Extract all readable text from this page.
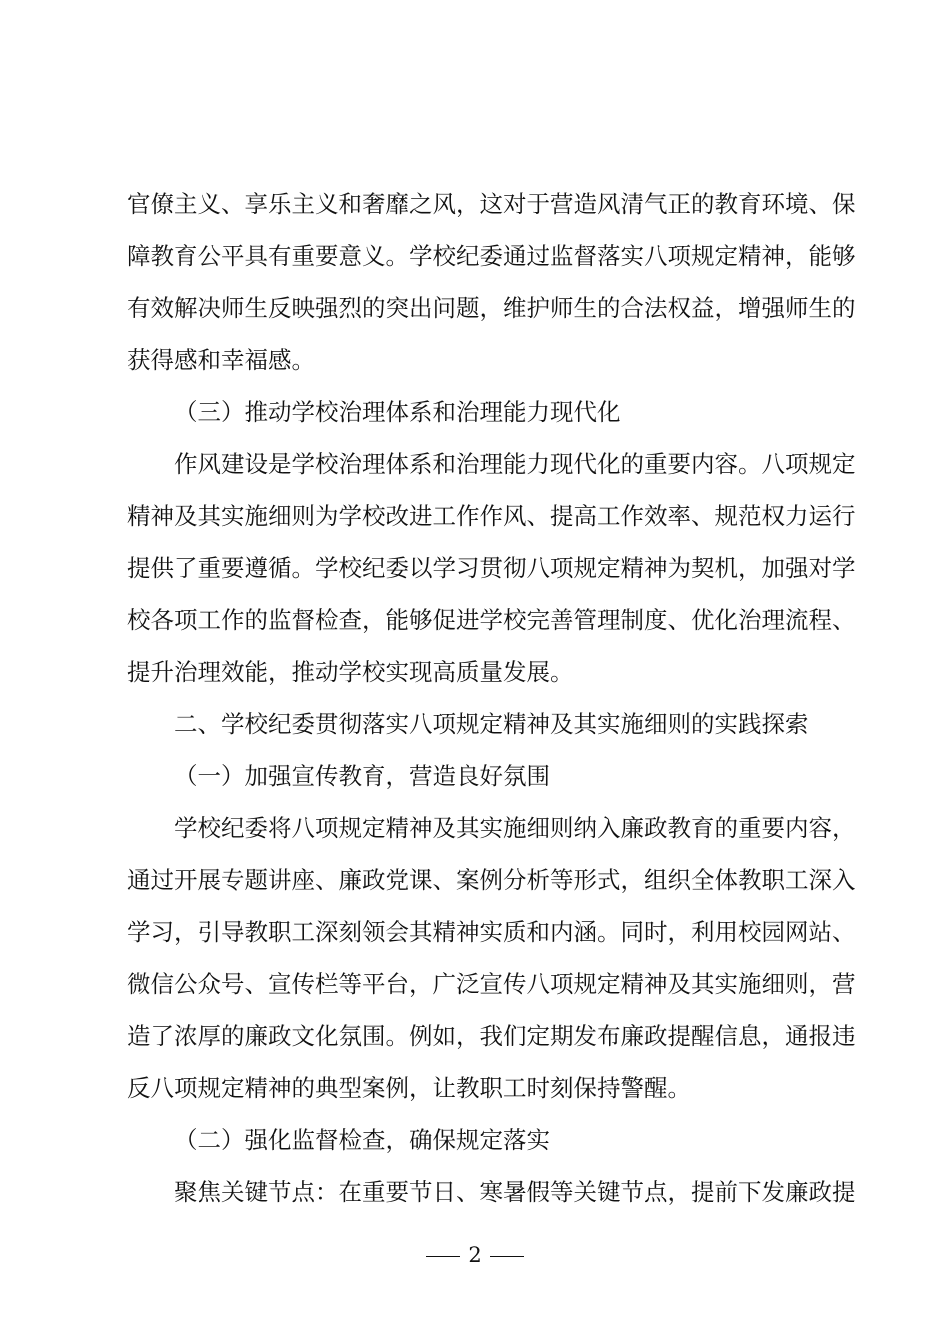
官僚主义、享乐主义和奢靡之风，这对于营造风清气正的教育环境、保
障教育公平具有重要意义。学校纪委通过监督落实八项规定精神，能够
有效解决师生反映强烈的突出问题，维护师生的合法权益，增强师生的
获得感和幸福感。
（三）推动学校治理体系和治理能力现代化
作风建设是学校治理体系和治理能力现代化的重要内容。八项规定
精神及其实施细则为学校改进工作作风、提高工作效率、规范权力运行
提供了重要遵循。学校纪委以学习贯彻八项规定精神为契机，加强对学
校各项工作的监督检查，能够促进学校完善管理制度、优化治理流程、
提升治理效能，推动学校实现高质量发展。
二、学校纪委贯彻落实八项规定精神及其实施细则的实践探索
（一）加强宣传教育，营造良好氛围
学校纪委将八项规定精神及其实施细则纳入廉政教育的重要内容，
通过开展专题讲座、廉政党课、案例分析等形式，组织全体教职工深入
学习，引导教职工深刻领会其精神实质和内涵。同时，利用校园网站、
微信公众号、宣传栏等平台，广泛宣传八项规定精神及其实施细则，营
造了浓厚的廉政文化氛围。例如，我们定期发布廉政提醒信息，通报违
反八项规定精神的典型案例，让教职工时刻保持警醒。
（二）强化监督检查，确保规定落实
聚焦关键节点：在重要节日、寒暑假等关键节点，提前下发廉政提
2
